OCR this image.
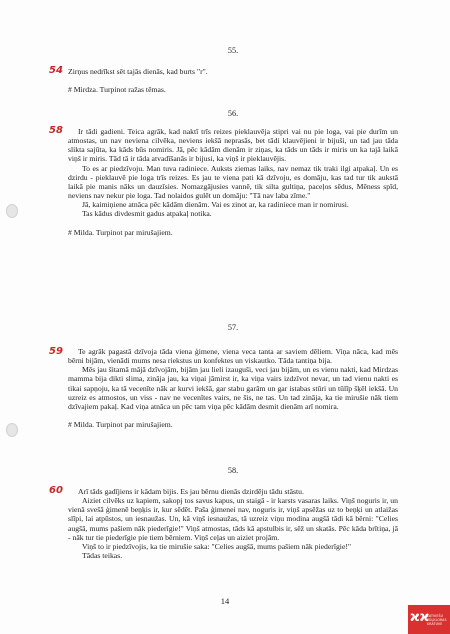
55.
54 Zirņus nedrīkst sēt tajās dienās, kad burts "r".
# Mirdza. Turpinot ražas tēmas.
56.
58	Ir tādi gadieni. Teica agrāk, kad naktī trīs reizes pieklauvēja stipri vai nu pie loga, vai pie durīm un atmostas, un nav neviena cilvēka, neviens iekšā neprasās, bet tādi klauvējieni ir bijuši, un tad jau tāda slikta sajūta, ka kāds būs nomiris. Jā, pēc kādām dienām ir ziņas, ka tāds un tāds ir miris un ka tajā laikā viņš ir miris. Tād tā ir tāda atvadīšanās ir bijusi, ka viņš ir pieklauvējis.
To es ar piedzīvoju. Man tuva radiniece. Auksts ziemas laiks, nav nemaz tik traki ilgi atpakaļ. Un es dzirdu - pieklauvē pie loga trīs reizes. Es jau te viena pati kā dzīvoju, es domāju, kas tad tur tik aukstā laikā pie manis nāks un dauzīsies. Nomazgājusies vannē, tik silta gultiņa, paceļos sēdus, Mēness spīd, neviens nav nekur pie loga. Tad nolaidos gulēt un domāju: "Tā nav laba zīme."
Jā, kaimiņiene atnāca pēc kādām dienām. Vai es zinot ar, ka radiniece man ir nomirusi.
Tas kādus divdesmit gadus atpakaļ notika.
# Milda. Turpinot par mirušajiem.
57.
59	Te agrāk pagastā dzīvoja tāda viena ģimene, viena veca tanta ar saviem dēliem. Viņa nāca, kad mēs bērni bijām, vienādi mums nesa riekstus un konfektes un viskautko. Tāda tantiņa bija.
Mēs jau šitamā mājā dzīvojām, bijām jau lieli izauguši, veci jau bijām, un es vienu nakti, kad Mirdzas mamma bija dikti slima, zināja jau, ka viņai jāmirst ir, ka viņa vairs izdzīvot nevar, un tad vienu nakti es tikai sapņoju, ka tā vecenīte nāk ar kurvi iekšā, gar stabu garām un gar istabas stūri un tūlīp šķēl iekšā. Un uzreiz es atmostos, un viss - nav ne vecenītes vairs, ne šis, ne tas. Un tad zināja, ka tie mirušie nāk tiem dzīvajiem pakaļ. Kad viņa atnāca un pēc tam viņa pēc kādām desmit dienām arī nomira.
# Milda. Turpinot par mirušajiem.
58.
60	Arī tāds gadījiens ir kādam bijis. Es jau bērnu dienās dzirdēju tādu stāstu.
Aiziet cilvēks uz kapiem, sakopj tos savus kapus, un staigā - ir karsts vasaras laiks. Viņš noguris ir, un vienā svešā ģimenē beņķis ir, kur sēdēt. Paša ģimenei nav, noguris ir, viņš apsēžas uz to beņķi un atlaižas slīpi, lai atpūstos, un iesnaužas. Un, kā viņš iesnaužas, tā uzreiz viņu modina augšā tādi kā bērni: "Celies augšā, mums pašiem nāk piederīgie!" Viņš atmostas, tāds kā apstulbis ir, sēž un skatās. Pēc kāda brītiņa, jā - nāk tur tie piederīgie pie tiem bērniem. Viņš ceļas un aiziet projām.
Viņš to ir piedzīvojis, ka tie mirušie saka: "Celies augšā, mums pašiem nāk piederīgie!"
Tādas teikas.
14
ϰϰ
LATVIEŠU
FOLKLORAS
KRĀTUVE
